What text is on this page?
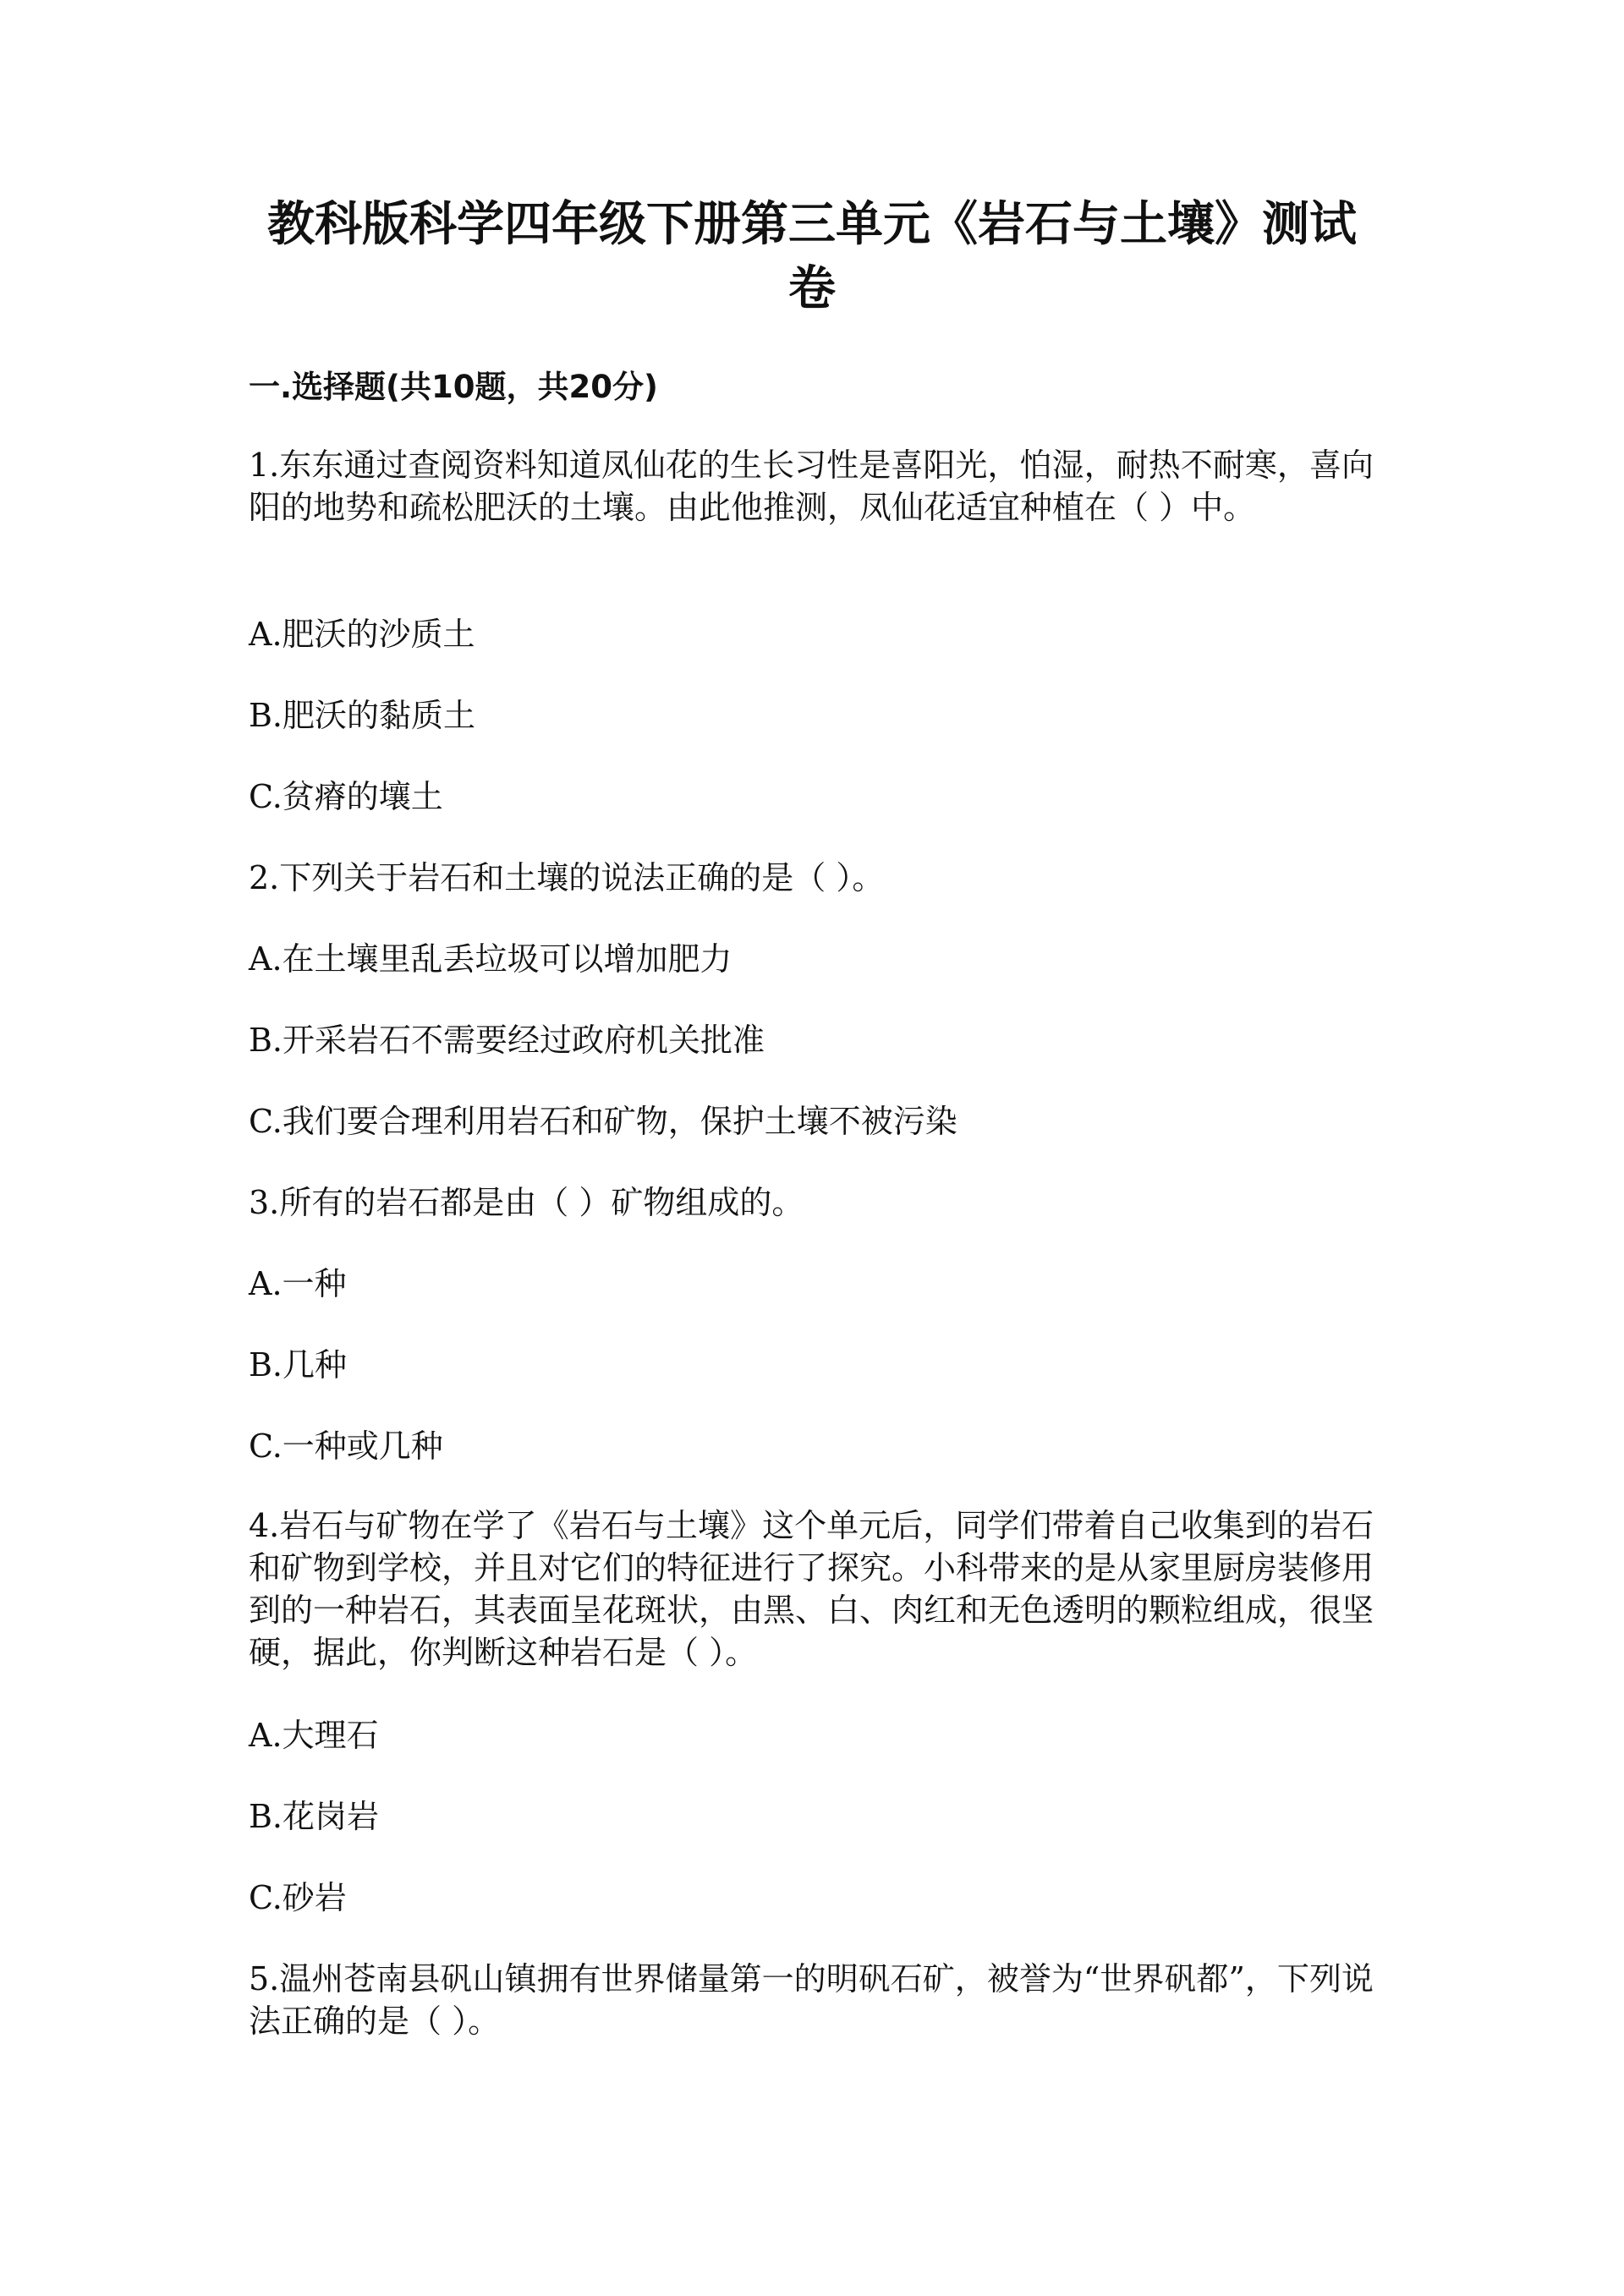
教科版科学四年级下册第三单元《岩石与土壤》测试卷
一.选择题(共10题，共20分)

1.东东通过查阅资料知道凤仙花的生长习性是喜阳光，怕湿，耐热不耐寒，喜向阳的地势和疏松肥沃的土壤。由此他推测，凤仙花适宜种植在（ ）中。

A.肥沃的沙质土

B.肥沃的黏质土

C.贫瘠的壤土

2.下列关于岩石和土壤的说法正确的是（ ）。

A.在土壤里乱丢垃圾可以增加肥力

B.开采岩石不需要经过政府机关批准

C.我们要合理利用岩石和矿物，保护土壤不被污染

3.所有的岩石都是由（ ）矿物组成的。

A.一种

B.几种

C.一种或几种

4.岩石与矿物在学了《岩石与土壤》这个单元后，同学们带着自己收集到的岩石和矿物到学校，并且对它们的特征进行了探究。小科带来的是从家里厨房装修用到的一种岩石，其表面呈花斑状，由黑、白、肉红和无色透明的颗粒组成，很坚硬，据此，你判断这种岩石是（ ）。

A.大理石

B.花岗岩

C.砂岩

5.温州苍南县矾山镇拥有世界储量第一的明矾石矿，被誉为“世界矾都”，下列说法正确的是（ ）。
